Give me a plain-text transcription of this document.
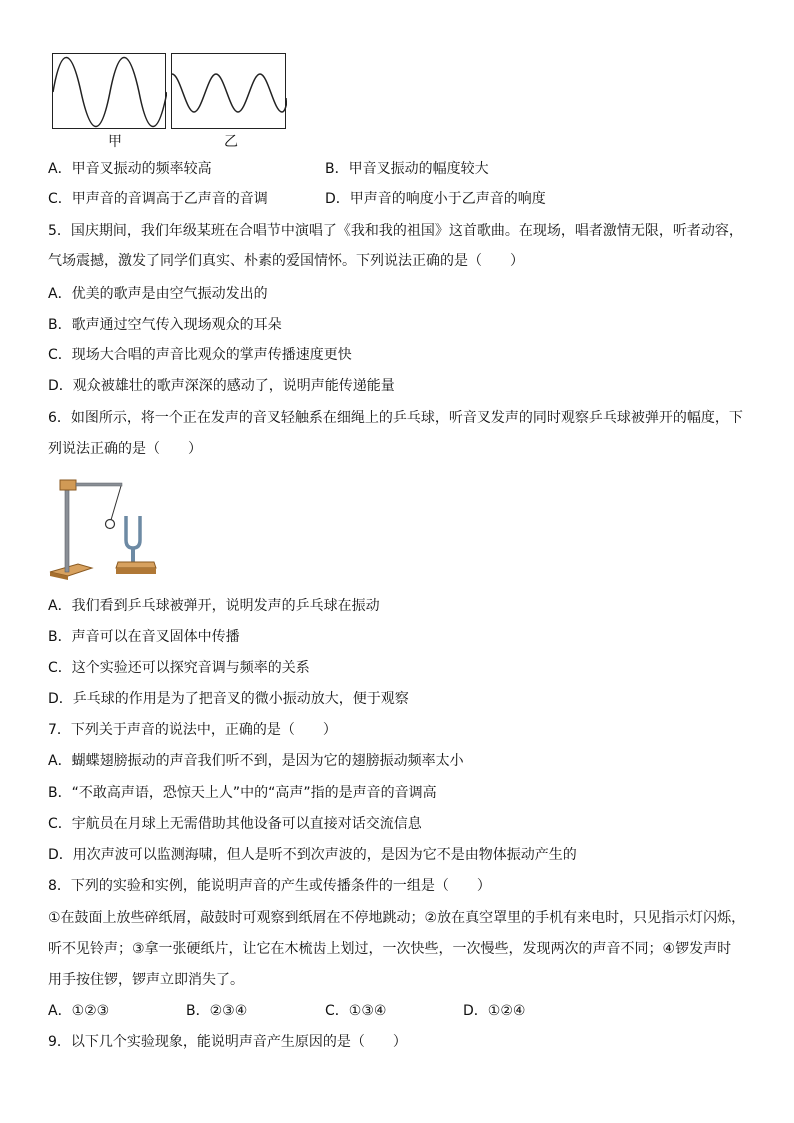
甲	乙
A．甲音叉振动的频率较高	B．甲音叉振动的幅度较大
C．甲声音的音调高于乙声音的音调	D．甲声音的响度小于乙声音的响度
5．国庆期间，我们年级某班在合唱节中演唱了《我和我的祖国》这首歌曲。在现场，唱者激情无限，听者动容，
气场震撼，激发了同学们真实、朴素的爱国情怀。下列说法正确的是（　　）
A．优美的歌声是由空气振动发出的
B．歌声通过空气传入现场观众的耳朵
C．现场大合唱的声音比观众的掌声传播速度更快
D．观众被雄壮的歌声深深的感动了，说明声能传递能量
6．如图所示，将一个正在发声的音叉轻触系在细绳上的乒乓球，听音叉发声的同时观察乒乓球被弹开的幅度，下
列说法正确的是（　　）
A．我们看到乒乓球被弹开，说明发声的乒乓球在振动
B．声音可以在音叉固体中传播
C．这个实验还可以探究音调与频率的关系
D．乒乓球的作用是为了把音叉的微小振动放大，便于观察
7．下列关于声音的说法中，正确的是（　　）
A．蝴蝶翅膀振动的声音我们听不到，是因为它的翅膀振动频率太小
B．“不敢高声语，恐惊天上人”中的“高声”指的是声音的音调高
C．宇航员在月球上无需借助其他设备可以直接对话交流信息
D．用次声波可以监测海啸，但人是听不到次声波的，是因为它不是由物体振动产生的
8．下列的实验和实例，能说明声音的产生或传播条件的一组是（　　）
①在鼓面上放些碎纸屑，敲鼓时可观察到纸屑在不停地跳动；②放在真空罩里的手机有来电时，只见指示灯闪烁，
听不见铃声；③拿一张硬纸片，让它在木梳齿上划过，一次快些，一次慢些，发现两次的声音不同；④锣发声时
用手按住锣，锣声立即消失了。
A．①②③	B．②③④	C．①③④	D．①②④
9．以下几个实验现象，能说明声音产生原因的是（　　）
